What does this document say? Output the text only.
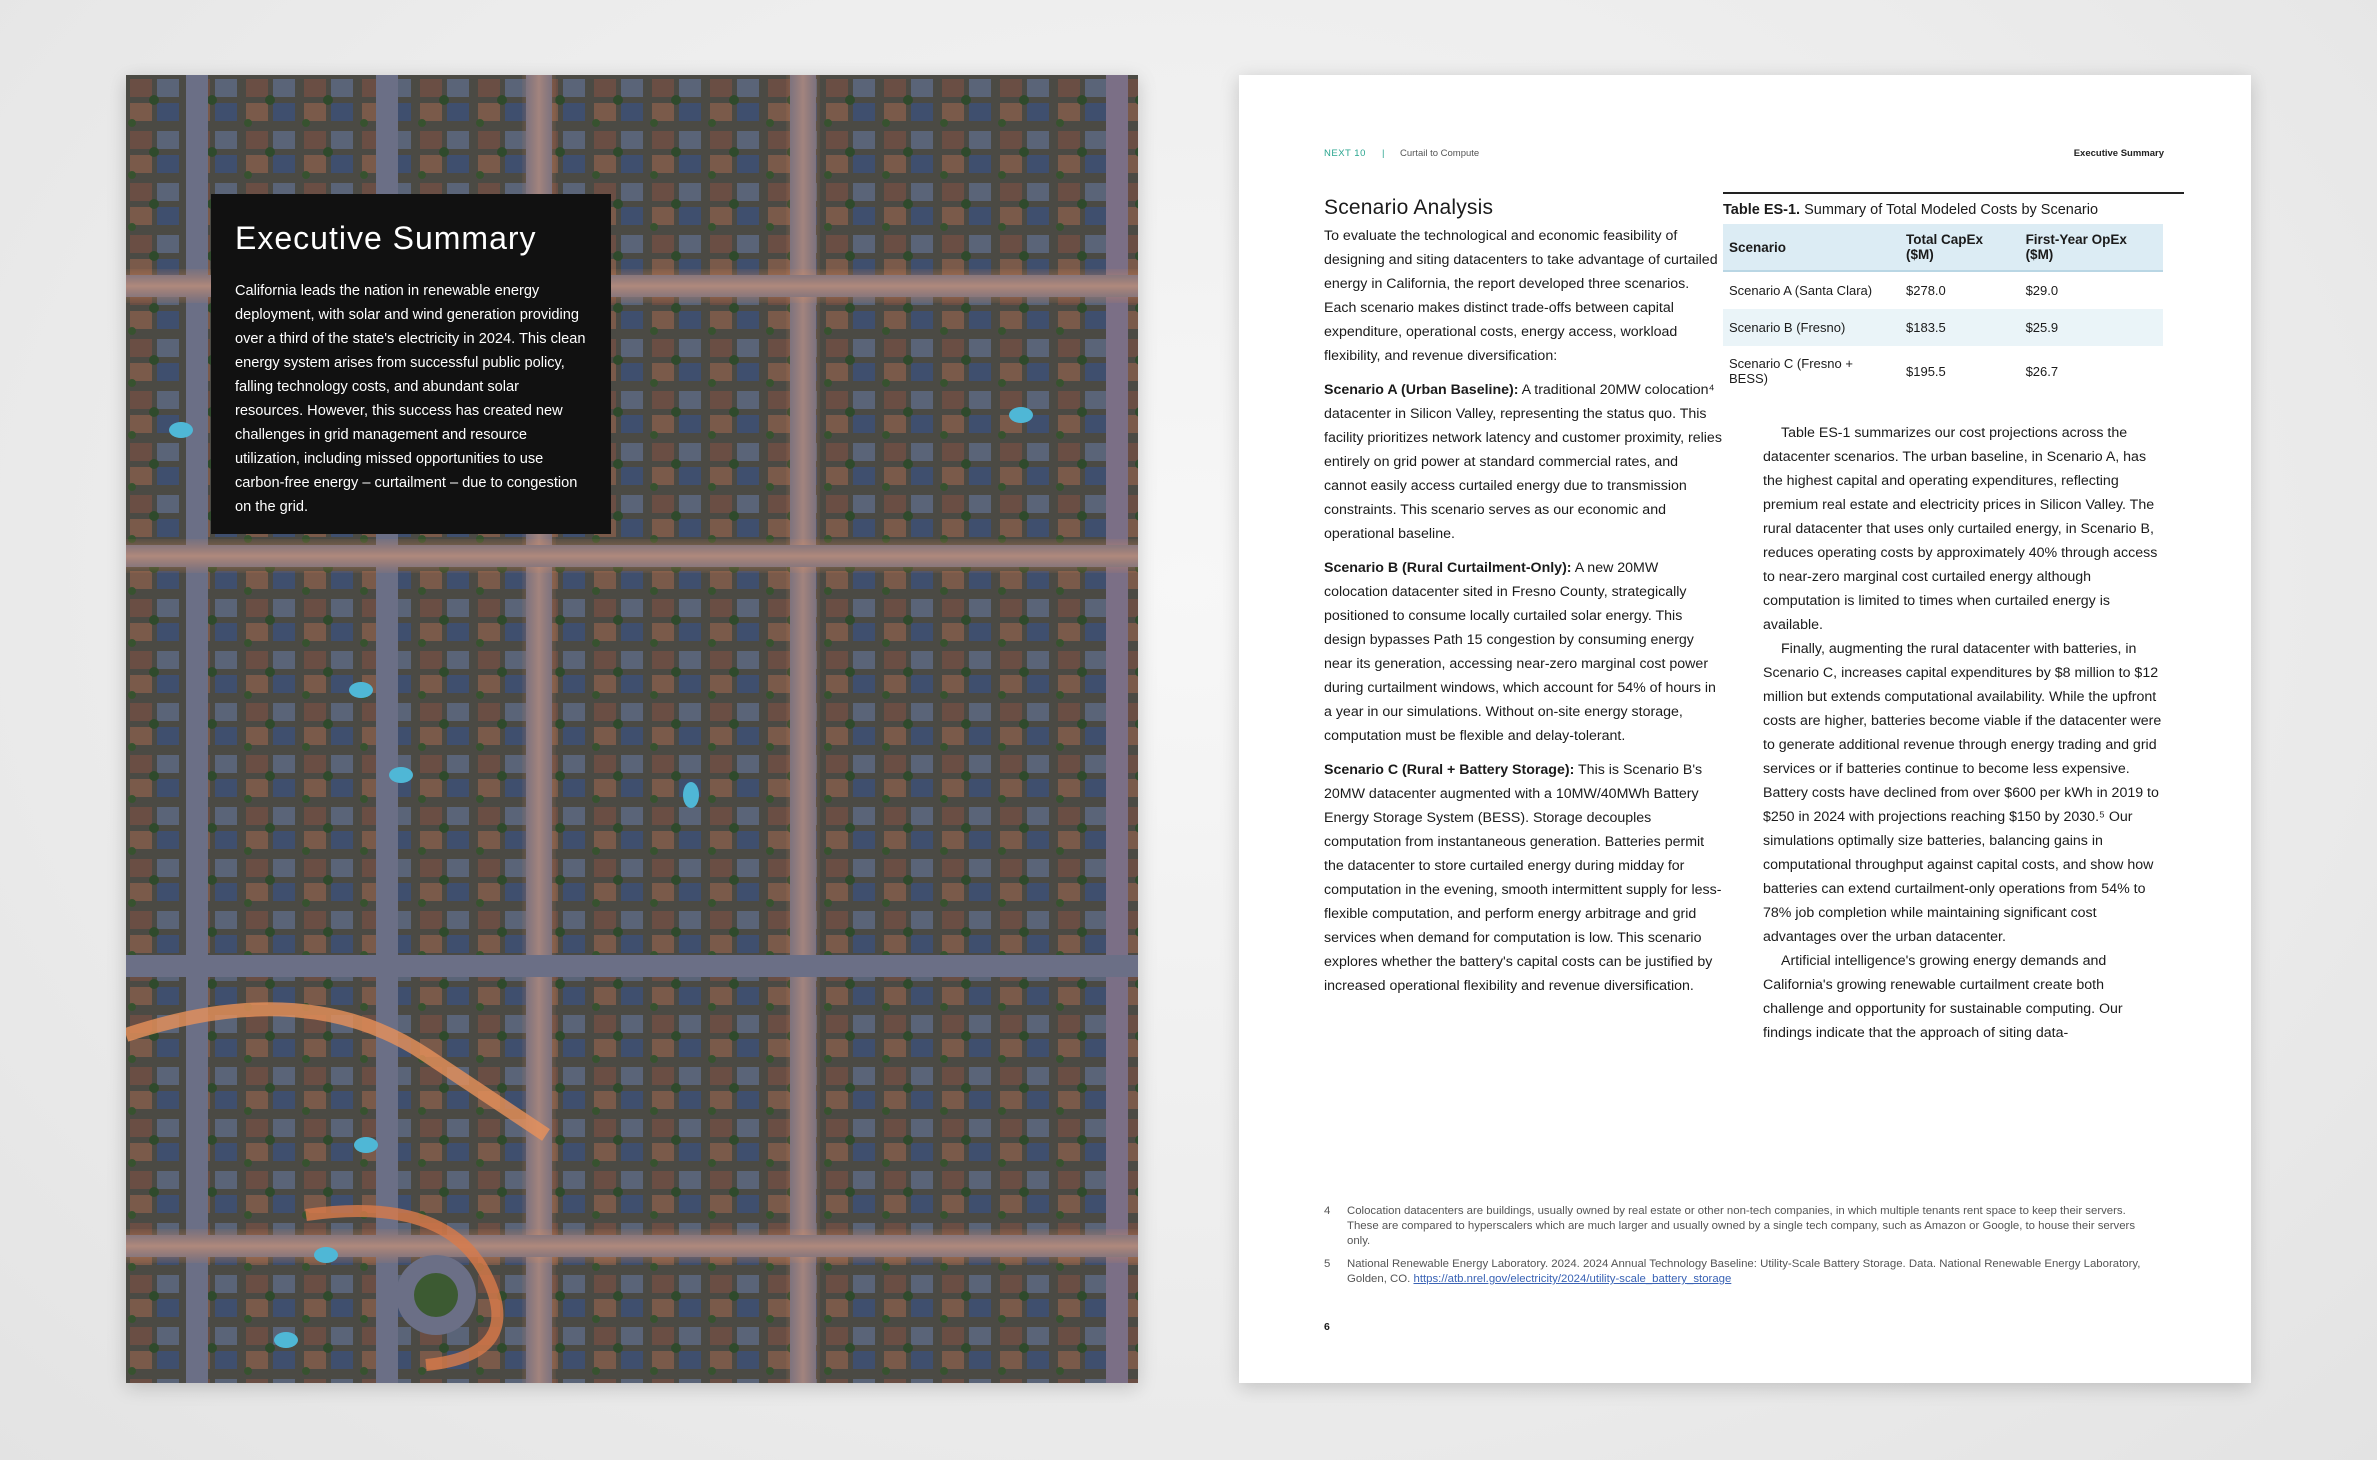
Executive Summary

California leads the nation in renewable energy deployment, with solar and wind generation providing over a third of the state's electricity in 2024. This clean energy system arises from successful public policy, falling technology costs, and abundant solar resources. However, this success has created new challenges in grid management and resource utilization, including missed opportunities to use carbon-free energy – curtailment – due to congestion on the grid.

NEXT 10 | Curtail to Compute	Executive Summary
Scenario Analysis

To evaluate the technological and economic feasibility of designing and siting datacenters to take advantage of curtailed energy in California, the report developed three scenarios. Each scenario makes distinct trade-offs between capital expenditure, operational costs, energy access, workload flexibility, and revenue diversification:

Scenario A (Urban Baseline): A traditional 20MW colocation⁴ datacenter in Silicon Valley, representing the status quo. This facility prioritizes network latency and customer proximity, relies entirely on grid power at standard commercial rates, and cannot easily access curtailed energy due to transmission constraints. This scenario serves as our economic and operational baseline.

Scenario B (Rural Curtailment-Only): A new 20MW colocation datacenter sited in Fresno County, strategically positioned to consume locally curtailed solar energy. This design bypasses Path 15 congestion by consuming energy near its generation, accessing near-zero marginal cost power during curtailment windows, which account for 54% of hours in a year in our simulations. Without on-site energy storage, computation must be flexible and delay-tolerant.

Scenario C (Rural + Battery Storage): This is Scenario B's 20MW datacenter augmented with a 10MW/40MWh Battery Energy Storage System (BESS). Storage decouples computation from instantaneous generation. Batteries permit the datacenter to store curtailed energy during midday for computation in the evening, smooth intermittent supply for less-flexible computation, and perform energy arbitrage and grid services when demand for computation is low. This scenario explores whether the battery's capital costs can be justified by increased operational flexibility and revenue diversification.

Table ES-1. Summary of Total Modeled Costs by Scenario
Scenario	Total CapEx ($M)	First-Year OpEx ($M)
Scenario A (Santa Clara)	$278.0	$29.0
Scenario B (Fresno)	$183.5	$25.9
Scenario C (Fresno + BESS)	$195.5	$26.7

Table ES-1 summarizes our cost projections across the datacenter scenarios. The urban baseline, in Scenario A, has the highest capital and operating expenditures, reflecting premium real estate and electricity prices in Silicon Valley. The rural datacenter that uses only curtailed energy, in Scenario B, reduces operating costs by approximately 40% through access to near-zero marginal cost curtailed energy although computation is limited to times when curtailed energy is available.

Finally, augmenting the rural datacenter with batteries, in Scenario C, increases capital expenditures by $8 million to $12 million but extends computational availability. While the upfront costs are higher, batteries become viable if the datacenter were to generate additional revenue through energy trading and grid services or if batteries continue to become less expensive. Battery costs have declined from over $600 per kWh in 2019 to $250 in 2024 with projections reaching $150 by 2030.⁵ Our simulations optimally size batteries, balancing gains in computational throughput against capital costs, and show how batteries can extend curtailment-only operations from 54% to 78% job completion while maintaining significant cost advantages over the urban datacenter.

Artificial intelligence's growing energy demands and California's growing renewable curtailment create both challenge and opportunity for sustainable computing. Our findings indicate that the approach of siting data-

4 Colocation datacenters are buildings, usually owned by real estate or other non-tech companies, in which multiple tenants rent space to keep their servers. These are compared to hyperscalers which are much larger and usually owned by a single tech company, such as Amazon or Google, to house their servers only.
5 National Renewable Energy Laboratory. 2024. 2024 Annual Technology Baseline: Utility-Scale Battery Storage. Data. National Renewable Energy Laboratory, Golden, CO. https://atb.nrel.gov/electricity/2024/utility-scale_battery_storage
6
